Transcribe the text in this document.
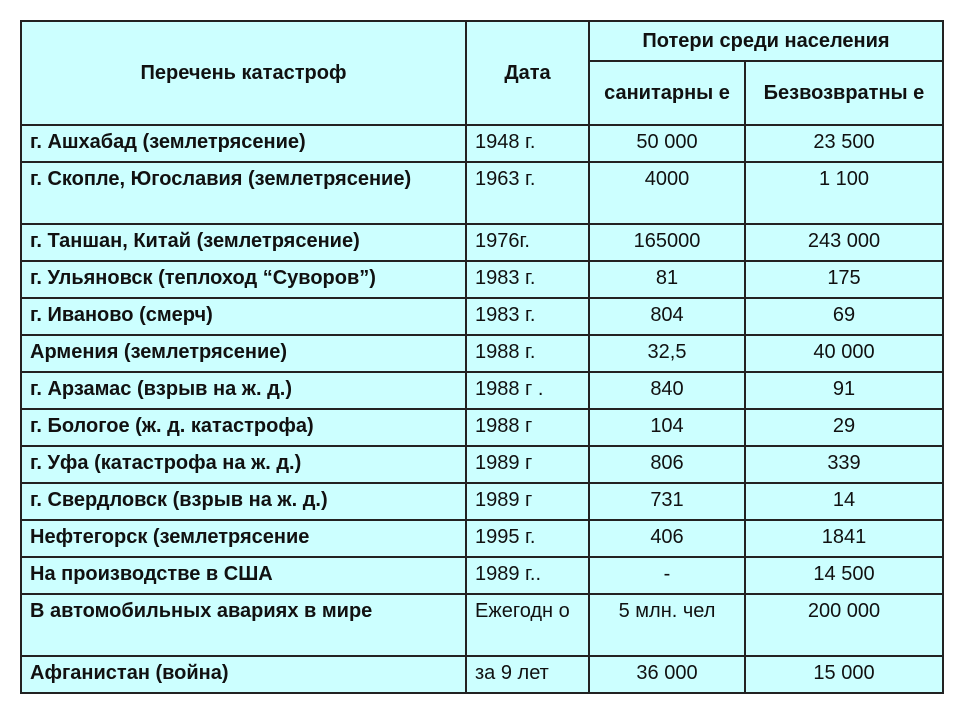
Перечень катастроф	Дата	Потери среди населения	
		санитарны е	Безвозвратны е
г. Ашхабад (землетрясение)	1948 г.	50 000	23 500
г. Скопле, Югославия (землетрясение)	1963 г.	4000	1 100
г. Таншан, Китай (землетрясение)	1976г.	165000	243 000
г. Ульяновск (теплоход “Суворов”)	1983 г.	81	175
г. Иваново (смерч)	1983 г.	804	69
Армения (землетрясение)	1988 г.	32,5	40 000
г. Арзамас (взрыв на ж. д.)	1988 г .	840	91
г. Бологое (ж. д. катастрофа)	1988 г	104	29
г. Уфа (катастрофа на ж. д.)	1989 г	806	339
г. Свердловск (взрыв на ж. д.)	1989 г	731	14
Нефтегорск (землетрясение	1995 г.	406	1841
На производстве в США	1989 г..	-	14 500
В автомобильных авариях в мире	Ежегодн о	5 млн. чел	200 000
Афганистан (война)	за 9 лет	36 000	15 000
